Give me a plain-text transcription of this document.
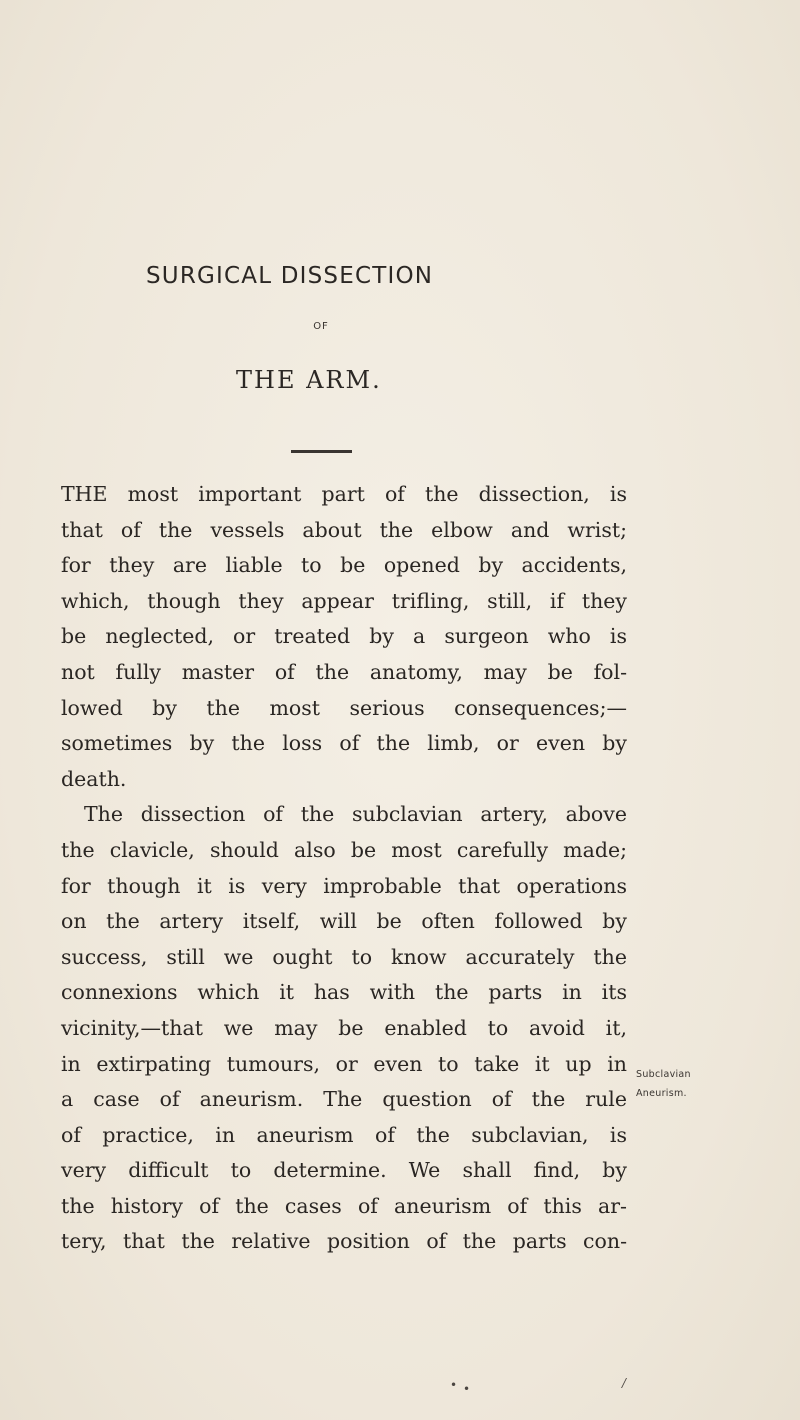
SURGICAL DISSECTION
OF
THE ARM.
THE most important part of the dissection, is
that of the vessels about the elbow and wrist;
for they are liable to be opened by accidents,
which, though they appear trifling, still, if they
be neglected, or treated by a surgeon who is
not fully master of the anatomy, may be fol-
lowed by the most serious consequences;—
sometimes by the loss of the limb, or even by
death.
The dissection of the subclavian artery, above
the clavicle, should also be most carefully made;
for though it is very improbable that operations
on the artery itself, will be often followed by
success, still we ought to know accurately the
connexions which it has with the parts in its
vicinity,—that we may be enabled to avoid it,
in extirpating tumours, or even to take it up in
a case of aneurism. The question of the rule
of practice, in aneurism of the subclavian, is
very difficult to determine. We shall find, by
the history of the cases of aneurism of this ar-
tery, that the relative position of the parts con-
Subclavian
Aneurism.
• •	/
